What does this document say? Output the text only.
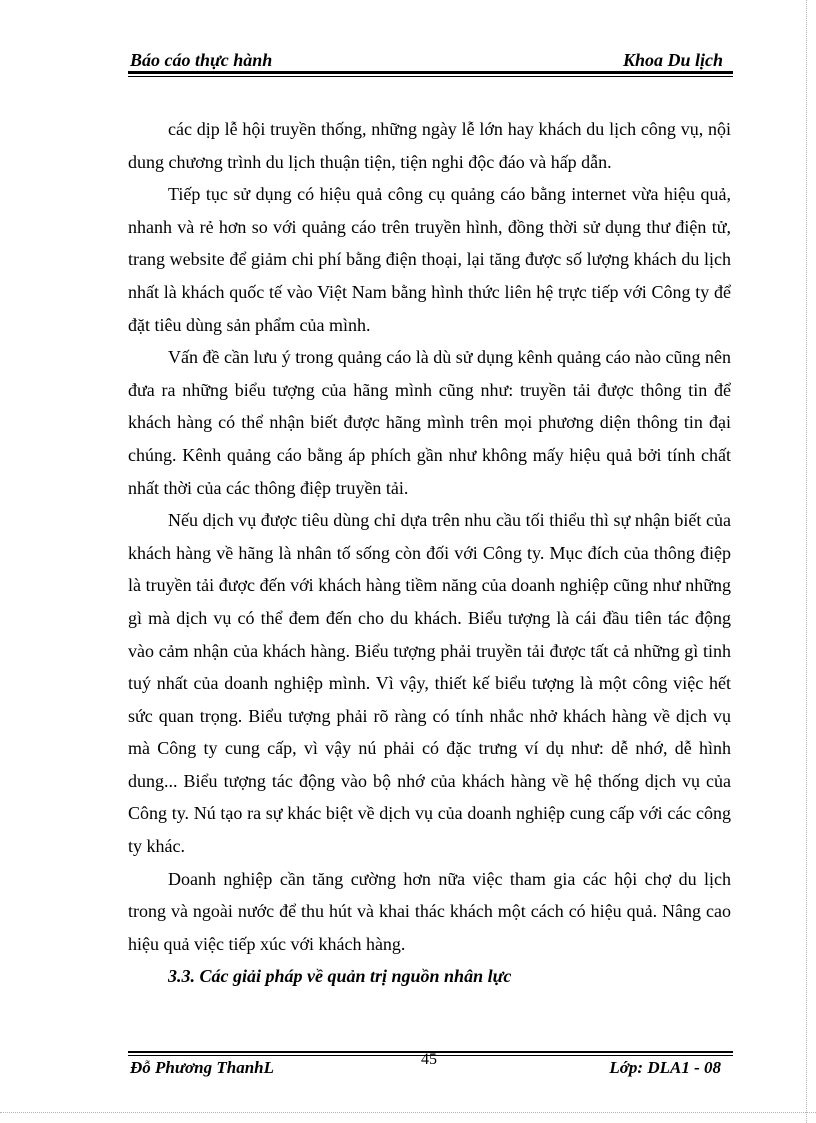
Báo cáo thực hành	Khoa Du lịch

các dịp lễ hội truyền thống, những ngày lễ lớn hay khách du lịch công vụ, nội dung chương trình du lịch thuận tiện, tiện nghi độc đáo và hấp dẫn.

Tiếp tục sử dụng có hiệu quả công cụ quảng cáo bằng internet vừa hiệu quả, nhanh và rẻ hơn so với quảng cáo trên truyền hình, đồng thời sử dụng thư điện tử, trang website để giảm chi phí bằng điện thoại, lại tăng được số lượng khách du lịch nhất là khách quốc tế vào Việt Nam bằng hình thức liên hệ trực tiếp với Công ty để đặt tiêu dùng sản phẩm của mình.

Vấn đề cần lưu ý trong quảng cáo là dù sử dụng kênh quảng cáo nào cũng nên đưa ra những biểu tượng của hãng mình cũng như: truyền tải được thông tin để khách hàng có thể nhận biết được hãng mình trên mọi phương diện thông tin đại chúng. Kênh quảng cáo bằng áp phích gần như không mấy hiệu quả bởi tính chất nhất thời của các thông điệp truyền tải.

Nếu dịch vụ được tiêu dùng chỉ dựa trên nhu cầu tối thiểu thì sự nhận biết của khách hàng về hãng là nhân tố sống còn đối với Công ty. Mục đích của thông điệp là truyền tải được đến với khách hàng tiềm năng của doanh nghiệp cũng như những gì mà dịch vụ có thể đem đến cho du khách. Biểu tượng là cái đầu tiên tác động vào cảm nhận của khách hàng. Biểu tượng phải truyền tải được tất cả những gì tinh tuý nhất của doanh nghiệp mình. Vì vậy, thiết kế biểu tượng là một công việc hết sức quan trọng. Biểu tượng phải rõ ràng có tính nhắc nhở khách hàng về dịch vụ mà Công ty cung cấp, vì vậy nú phải có đặc trưng ví dụ như: dễ nhớ, dễ hình dung... Biểu tượng tác động vào bộ nhớ của khách hàng về hệ thống dịch vụ của Công ty. Nú tạo ra sự khác biệt về dịch vụ của doanh nghiệp cung cấp với các công ty khác.

Doanh nghiệp cần tăng cường hơn nữa việc tham gia các hội chợ du lịch trong và ngoài nước để thu hút và khai thác khách một cách có hiệu quả. Nâng cao hiệu quả việc tiếp xúc với khách hàng.

3.3. Các giải pháp về quản trị nguồn nhân lực
Đỗ Phương ThanhL	45	Lớp: DLA1 - 08
